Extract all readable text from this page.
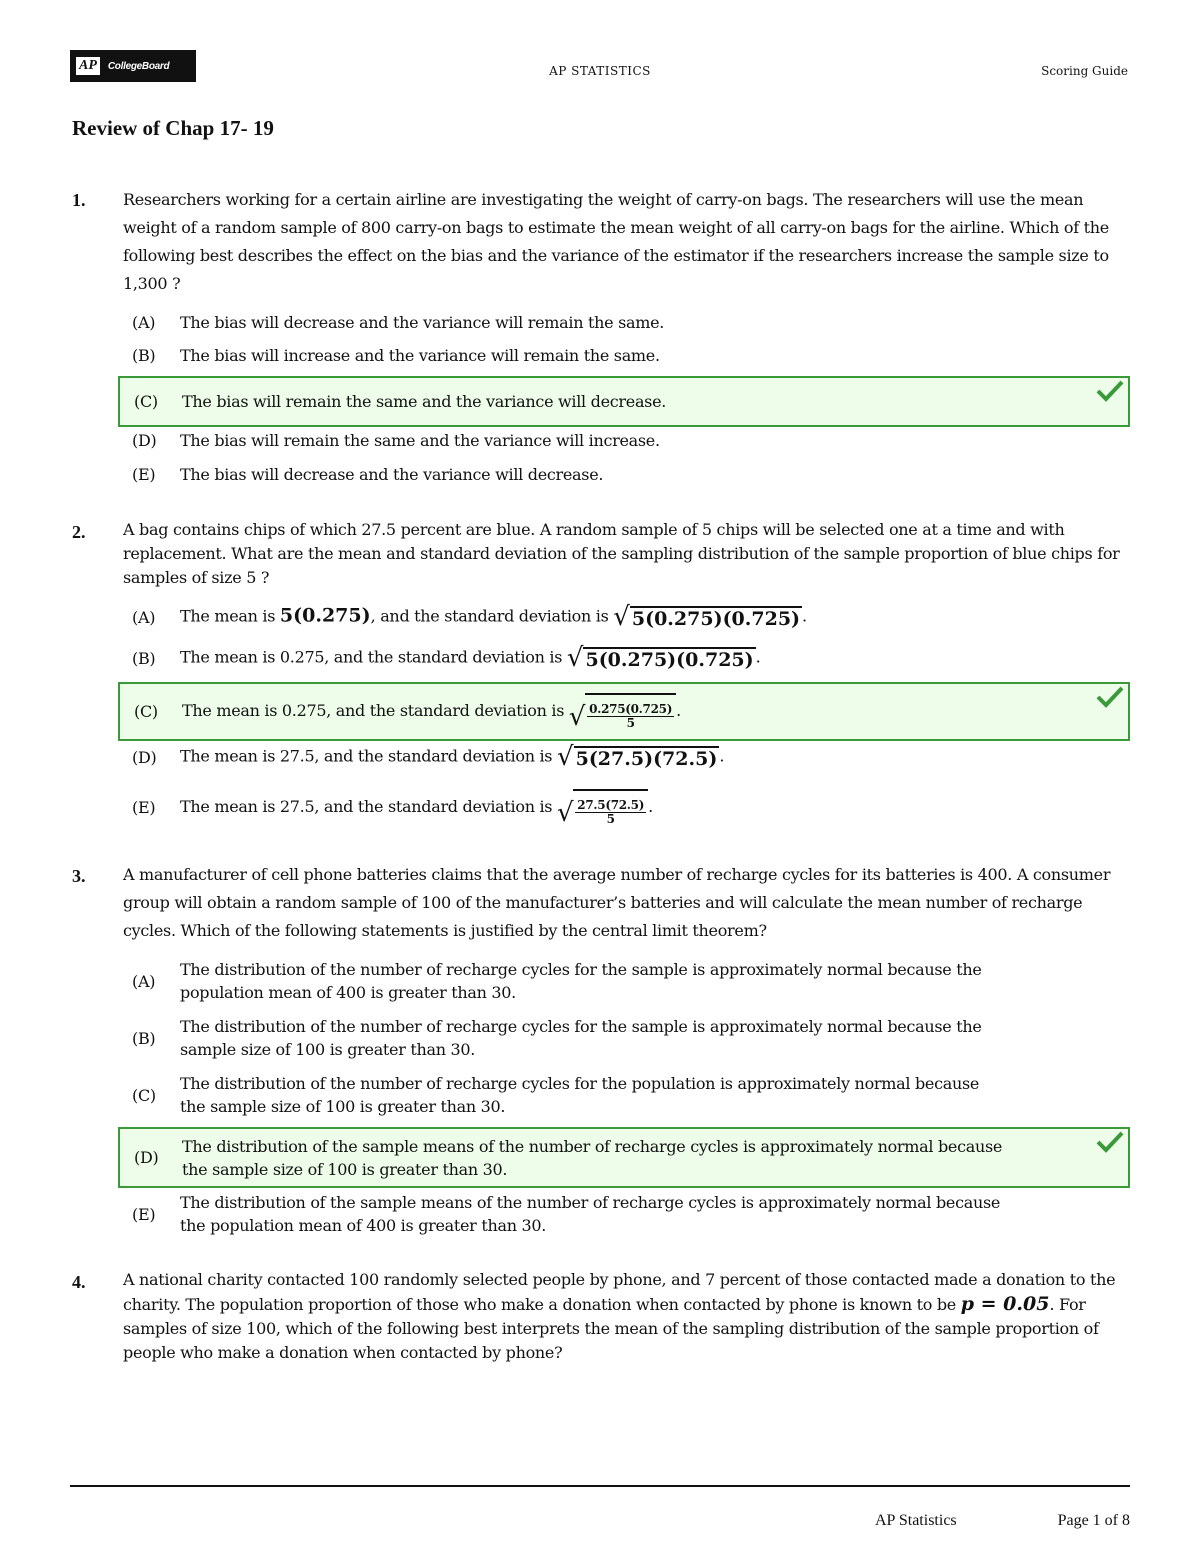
AP	CollegeBoard	AP STATISTICS	Scoring Guide
Review of Chap 17- 19
1. Researchers working for a certain airline are investigating the weight of carry-on bags. The researchers will use the mean weight of a random sample of 800 carry-on bags to estimate the mean weight of all carry-on bags for the airline. Which of the following best describes the effect on the bias and the variance of the estimator if the researchers increase the sample size to 1,300 ?
(A)	The bias will decrease and the variance will remain the same.
(B)	The bias will increase and the variance will remain the same.
(C)	The bias will remain the same and the variance will decrease.
(D)	The bias will remain the same and the variance will increase.
(E)	The bias will decrease and the variance will decrease.
2. A bag contains chips of which 27.5 percent are blue. A random sample of 5 chips will be selected one at a time and with replacement. What are the mean and standard deviation of the sampling distribution of the sample proportion of blue chips for samples of size 5 ?
(A)	The mean is 5(0.275), and the standard deviation is √ 5(0.275)(0.725) .
(B)	The mean is 0.275, and the standard deviation is √ 5(0.275)(0.725) .
(C)	The mean is 0.275, and the standard deviation is √ $\frac{0.275(0.725)}{5}$ .
(D)	The mean is 27.5, and the standard deviation is √ 5(27.5)(72.5) .
(E)	The mean is 27.5, and the standard deviation is √ $\frac{27.5(72.5)}{5}$ .
3. A manufacturer of cell phone batteries claims that the average number of recharge cycles for its batteries is 400. A consumer group will obtain a random sample of 100 of the manufacturer’s batteries and will calculate the mean number of recharge cycles. Which of the following statements is justified by the central limit theorem?
(A)
The distribution of the number of recharge cycles for the sample is approximately normal because the
population mean of 400 is greater than 30.
(B)
The distribution of the number of recharge cycles for the sample is approximately normal because the
sample size of 100 is greater than 30.
(C)
The distribution of the number of recharge cycles for the population is approximately normal because
the sample size of 100 is greater than 30.
(D)
The distribution of the sample means of the number of recharge cycles is approximately normal because
the sample size of 100 is greater than 30.
(E)
The distribution of the sample means of the number of recharge cycles is approximately normal because
the population mean of 400 is greater than 30.
4. A national charity contacted 100 randomly selected people by phone, and 7 percent of those contacted made a donation to the charity. The population proportion of those who make a donation when contacted by phone is known to be p = 0.05. For samples of size 100, which of the following best interprets the mean of the sampling distribution of the sample proportion of people who make a donation when contacted by phone?
AP Statistics	Page 1 of 8
